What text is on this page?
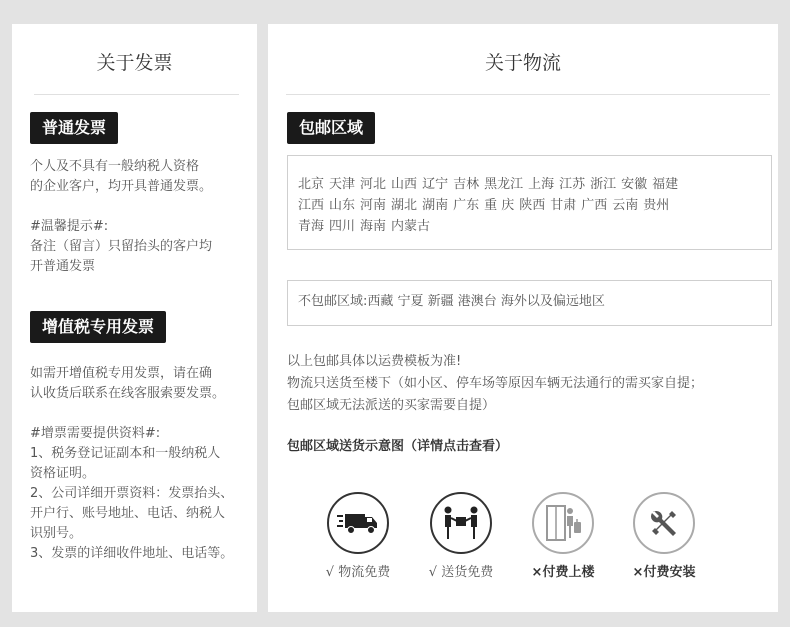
关于发票
普通发票
个人及不具有一般纳税人资格
的企业客户，均开具普通发票。
#温馨提示#:
备注（留言）只留抬头的客户均
开普通发票
增值税专用发票
如需开增值税专用发票，请在确
认收货后联系在线客服索要发票。
#增票需要提供资料#:
1、税务登记证副本和一般纳税人
资格证明。
2、公司详细开票资料：发票抬头、
开户行、账号地址、电话、纳税人
识别号。
3、发票的详细收件地址、电话等。
关于物流
包邮区域
北京 天津 河北 山西 辽宁 吉林 黑龙江 上海 江苏 浙江 安徽 福建
江西 山东 河南 湖北 湖南 广东 重 庆 陕西 甘肃 广西 云南 贵州
青海 四川 海南 内蒙古
不包邮区域:西藏 宁夏 新疆 港澳台 海外以及偏远地区
以上包邮具体以运费模板为准!
物流只送货至楼下（如小区、停车场等原因车辆无法通行的需买家自提；
包邮区域无法派送的买家需要自提）
包邮区域送货示意图（详情点击查看）
√ 物流免费	√ 送货免费	×付费上楼	×付费安装
